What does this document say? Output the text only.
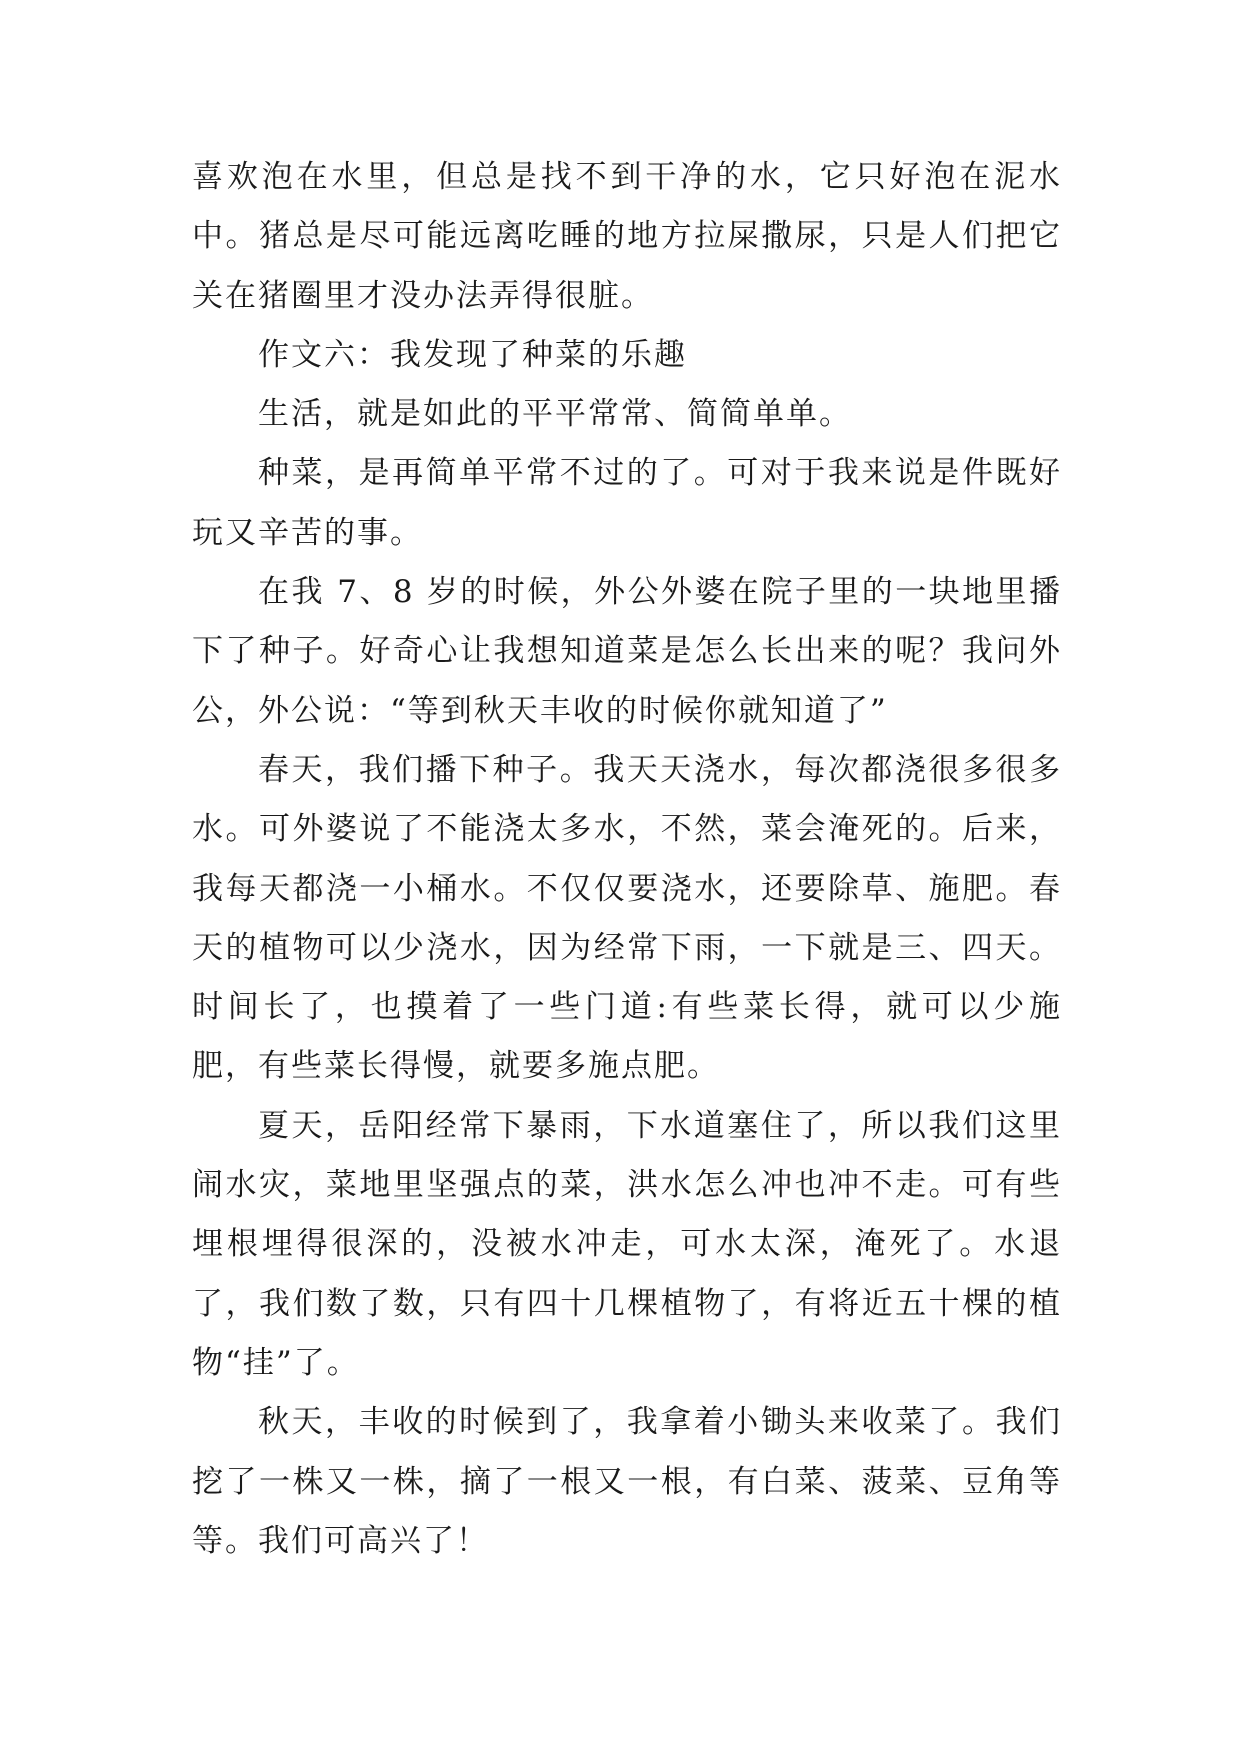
喜欢泡在水里，但总是找不到干净的水，它只好泡在泥水中。猪总是尽可能远离吃睡的地方拉屎撒尿，只是人们把它关在猪圈里才没办法弄得很脏。

作文六：我发现了种菜的乐趣

生活，就是如此的平平常常、简简单单。

种菜，是再简单平常不过的了。可对于我来说是件既好玩又辛苦的事。

在我 7、8 岁的时候，外公外婆在院子里的一块地里播下了种子。好奇心让我想知道菜是怎么长出来的呢？我问外公，外公说：“等到秋天丰收的时候你就知道了”

春天，我们播下种子。我天天浇水，每次都浇很多很多水。可外婆说了不能浇太多水，不然，菜会淹死的。后来，我每天都浇一小桶水。不仅仅要浇水，还要除草、施肥。春天的植物可以少浇水，因为经常下雨，一下就是三、四天。时间长了，也摸着了一些门道:有些菜长得，就可以少施肥，有些菜长得慢，就要多施点肥。

夏天，岳阳经常下暴雨，下水道塞住了，所以我们这里闹水灾，菜地里坚强点的菜，洪水怎么冲也冲不走。可有些埋根埋得很深的，没被水冲走，可水太深，淹死了。水退了，我们数了数，只有四十几棵植物了，有将近五十棵的植物“挂”了。

秋天，丰收的时候到了，我拿着小锄头来收菜了。我们挖了一株又一株，摘了一根又一根，有白菜、菠菜、豆角等等。我们可高兴了！
